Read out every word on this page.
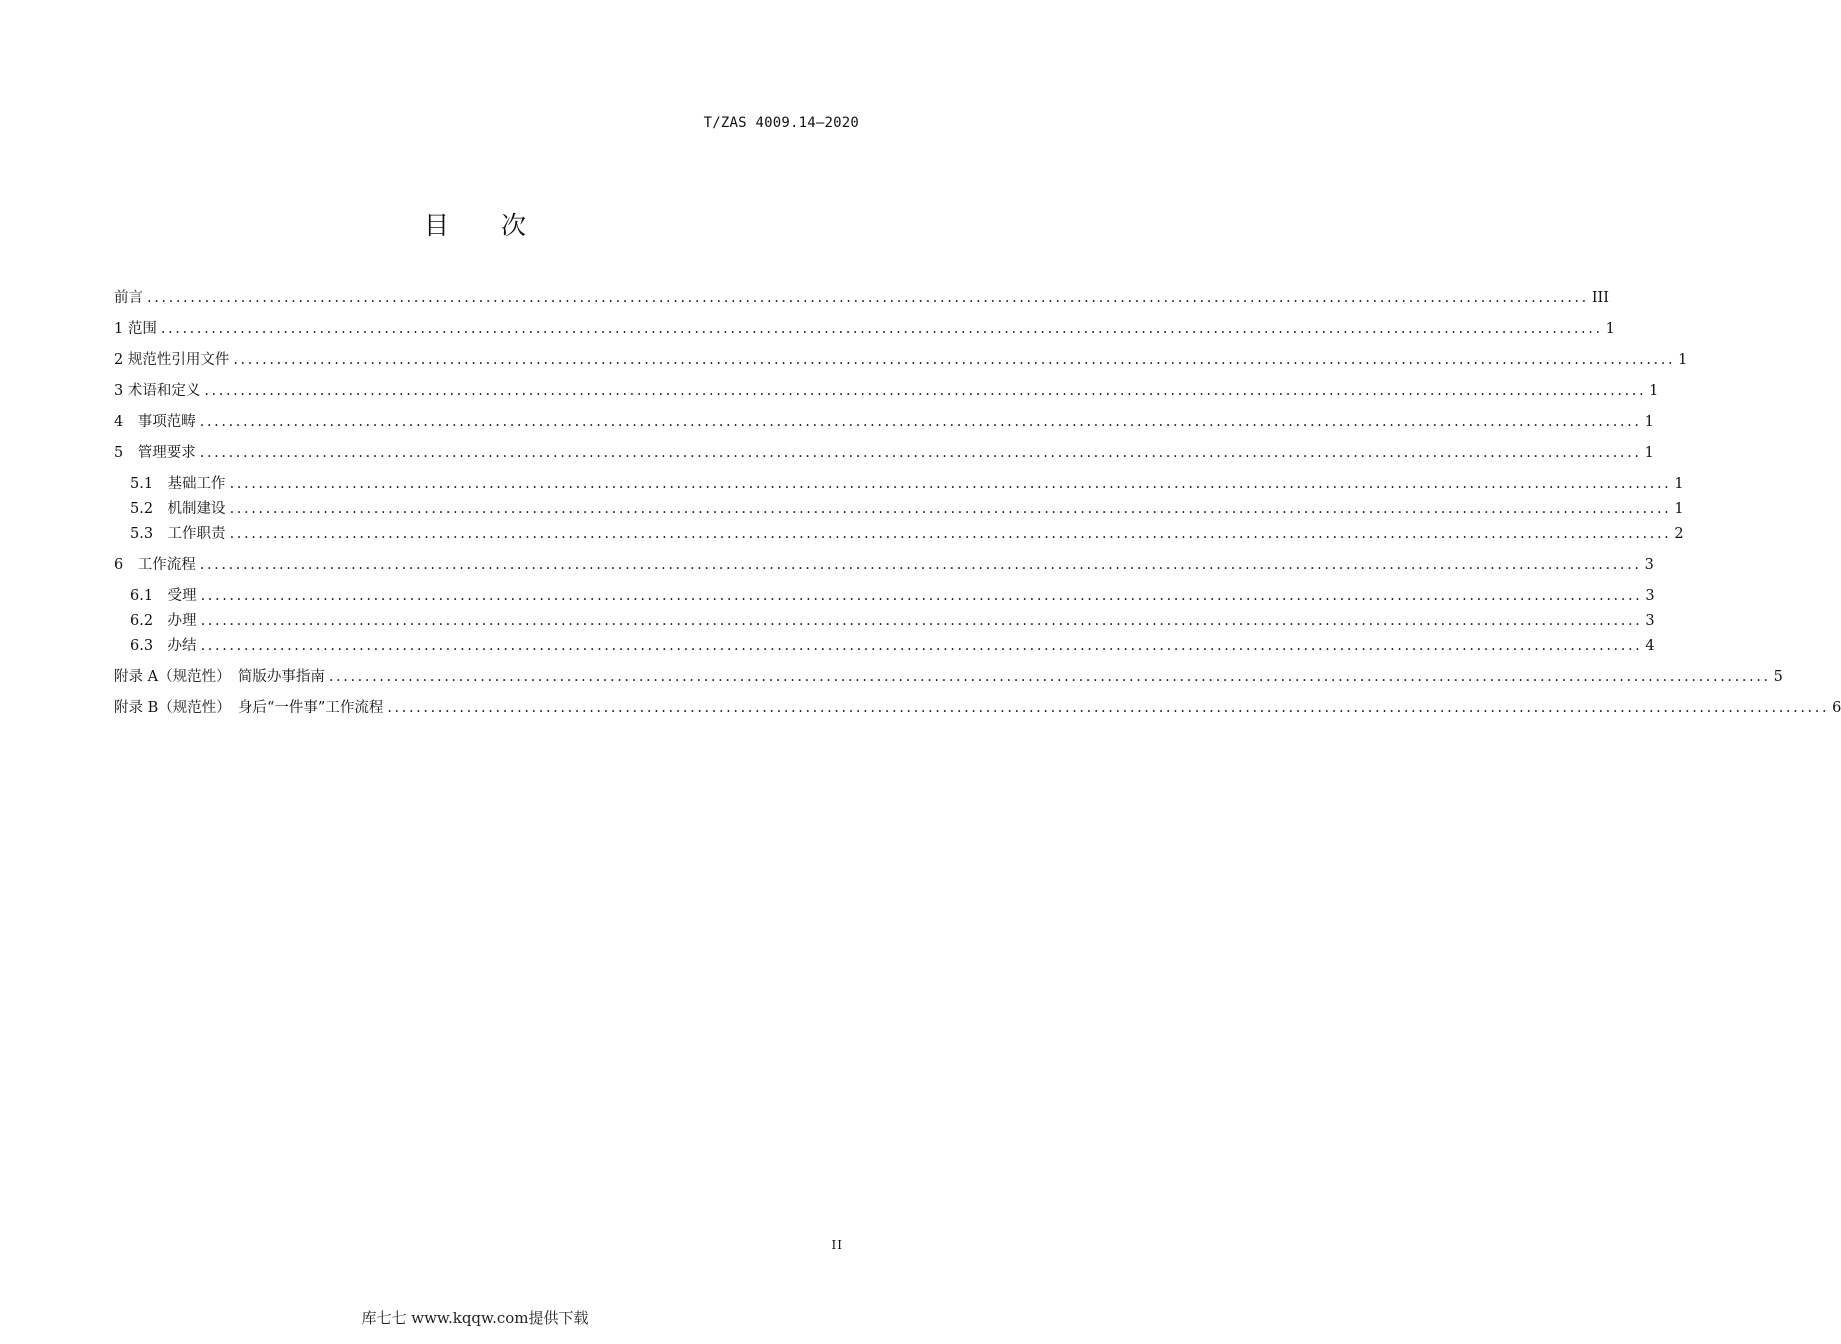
T/ZAS 4009.14—2020
目 次
前言 ........................................................................................................................................................................................................ III
1 范围 ........................................................................................................................................................................................................ 1
2 规范性引用文件 ........................................................................................................................................................................................................ 1
3 术语和定义 ........................................................................................................................................................................................................ 1
4　事项范畴 ........................................................................................................................................................................................................ 1
5　管理要求 ........................................................................................................................................................................................................ 1
5.1　基础工作 ........................................................................................................................................................................................................ 1
5.2　机制建设 ........................................................................................................................................................................................................ 1
5.3　工作职责 ........................................................................................................................................................................................................ 2
6　工作流程 ........................................................................................................................................................................................................ 3
6.1　受理 ........................................................................................................................................................................................................ 3
6.2　办理 ........................................................................................................................................................................................................ 3
6.3　办结 ........................................................................................................................................................................................................ 4
附录 A（规范性）　简版办事指南 ........................................................................................................................................................................................................ 5
附录 B（规范性）　身后“一件事”工作流程 ........................................................................................................................................................................................................ 6
II
库七七 www.kqqw.com提供下载
